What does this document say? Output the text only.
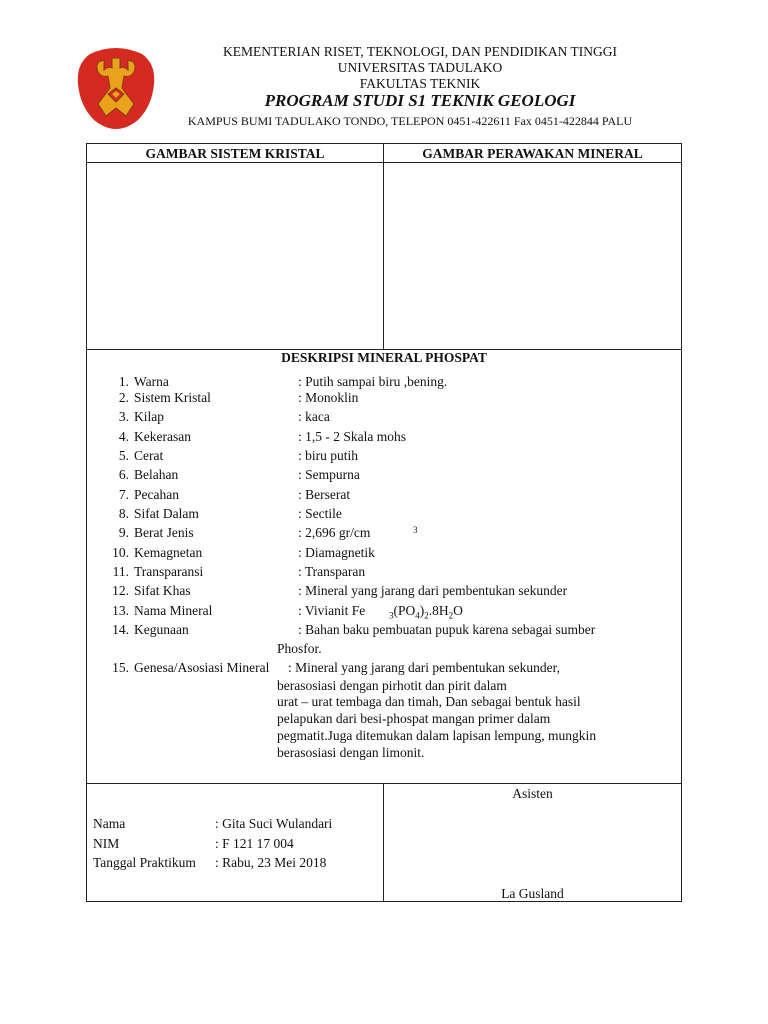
KEMENTERIAN RISET, TEKNOLOGI, DAN PENDIDIKAN TINGGI
UNIVERSITAS TADULAKO
FAKULTAS TEKNIK
PROGRAM STUDI S1 TEKNIK GEOLOGI
KAMPUS BUMI TADULAKO TONDO, TELEPON 0451-422611 Fax 0451-422844 PALU
GAMBAR SISTEM KRISTAL	GAMBAR PERAWAKAN MINERAL
DESKRIPSI MINERAL PHOSPAT
1. Warna	: Putih sampai biru ,bening.
2. Sistem Kristal	: Monoklin
3. Kilap	: kaca
4. Kekerasan	: 1,5 - 2 Skala mohs
5. Cerat	: biru putih
6. Belahan	: Sempurna
7. Pecahan	: Berserat
8. Sifat Dalam	: Sectile
9. Berat Jenis	: 2,696 gr/cm	3
10. Kemagnetan	: Diamagnetik
11. Transparansi	: Transparan
12. Sifat Khas	: Mineral yang jarang dari pembentukan sekunder
13. Nama Mineral	: Vivianit Fe	$_3(PO_4)_2.8H_2O$
14. Kegunaan	: Bahan baku pembuatan pupuk karena sebagai sumber
Phosfor.
15. Genesa/Asosiasi Mineral : Mineral yang jarang dari pembentukan sekunder,
berasosiasi dengan pirhotit dan pirit dalam
urat – urat tembaga dan timah, Dan sebagai bentuk hasil
pelapukan dari besi-phospat mangan primer dalam
pegmatit.Juga ditemukan dalam lapisan lempung, mungkin
berasosiasi dengan limonit.
Asisten
La Gusland
Nama	: Gita Suci Wulandari
NIM	: F 121 17 004
Tanggal Praktikum : Rabu, 23 Mei 2018
